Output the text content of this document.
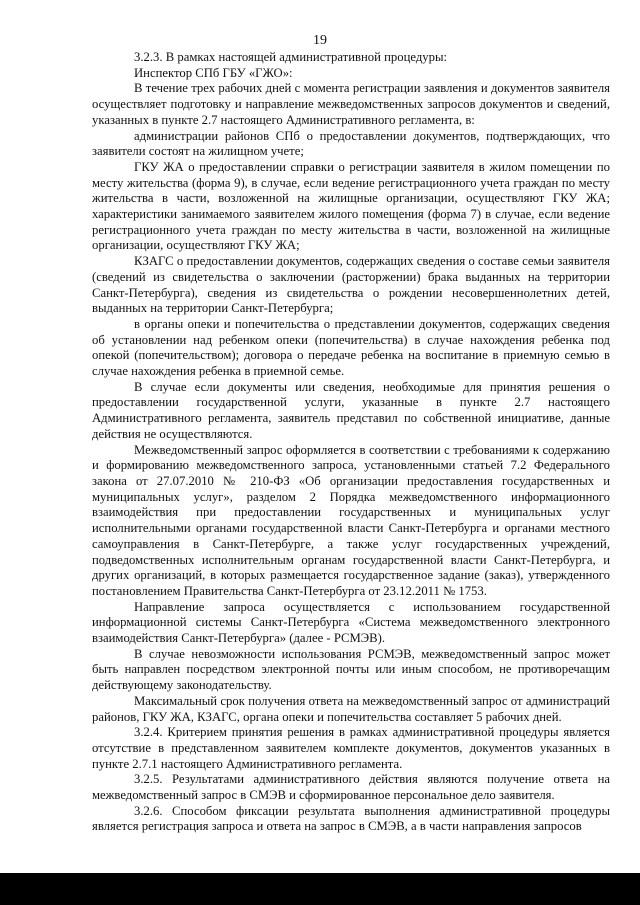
19

3.2.3. В рамках настоящей административной процедуры:

Инспектор СПб ГБУ «ГЖО»:

В течение трех рабочих дней с момента регистрации заявления и документов заявителя осуществляет подготовку и направление межведомственных запросов документов и сведений, указанных в пункте 2.7 настоящего Административного регламента, в:

администрации районов СПб о предоставлении документов, подтверждающих, что заявители состоят на жилищном учете;

ГКУ ЖА о предоставлении справки о регистрации заявителя в жилом помещении по месту жительства (форма 9), в случае, если ведение регистрационного учета граждан по месту жительства в части, возложенной на жилищные организации, осуществляют ГКУ ЖА; характеристики занимаемого заявителем жилого помещения (форма 7) в случае, если ведение регистрационного учета граждан по месту жительства в части, возложенной на жилищные организации, осуществляют ГКУ ЖА;

КЗАГС о предоставлении документов, содержащих сведения о составе семьи заявителя (сведений из свидетельства о заключении (расторжении) брака выданных на территории Санкт-Петербурга), сведения из свидетельства о рождении несовершеннолетних детей, выданных на территории Санкт-Петербурга;

в органы опеки и попечительства о представлении документов, содержащих сведения об установлении над ребенком опеки (попечительства) в случае нахождения ребенка под опекой (попечительством); договора о передаче ребенка на воспитание в приемную семью в случае нахождения ребенка в приемной семье.

В случае если документы или сведения, необходимые для принятия решения о предоставлении государственной услуги, указанные в пункте 2.7 настоящего Административного регламента, заявитель представил по собственной инициативе, данные действия не осуществляются.

Межведомственный запрос оформляется в соответствии с требованиями к содержанию и формированию межведомственного запроса, установленными статьей 7.2 Федерального закона от 27.07.2010 № 210-ФЗ «Об организации предоставления государственных и муниципальных услуг», разделом 2 Порядка межведомственного информационного взаимодействия при предоставлении государственных и муниципальных услуг исполнительными органами государственной власти Санкт-Петербурга и органами местного самоуправления в Санкт-Петербурге, а также услуг государственных учреждений, подведомственных исполнительным органам государственной власти Санкт-Петербурга, и других организаций, в которых размещается государственное задание (заказ), утвержденного постановлением Правительства Санкт-Петербурга от 23.12.2011 № 1753.

Направление запроса осуществляется с использованием государственной информационной системы Санкт-Петербурга «Система межведомственного электронного взаимодействия Санкт-Петербурга» (далее - РСМЭВ).

В случае невозможности использования РСМЭВ, межведомственный запрос может быть направлен посредством электронной почты или иным способом, не противоречащим действующему законодательству.

Максимальный срок получения ответа на межведомственный запрос от администраций районов, ГКУ ЖА, КЗАГС, органа опеки и попечительства составляет 5 рабочих дней.

3.2.4. Критерием принятия решения в рамках административной процедуры является отсутствие в представленном заявителем комплекте документов, документов указанных в пункте 2.7.1 настоящего Административного регламента.

3.2.5. Результатами административного действия являются получение ответа на межведомственный запрос в СМЭВ и сформированное персональное дело заявителя.

3.2.6. Способом фиксации результата выполнения административной процедуры является регистрация запроса и ответа на запрос в СМЭВ, а в части направления запросов
